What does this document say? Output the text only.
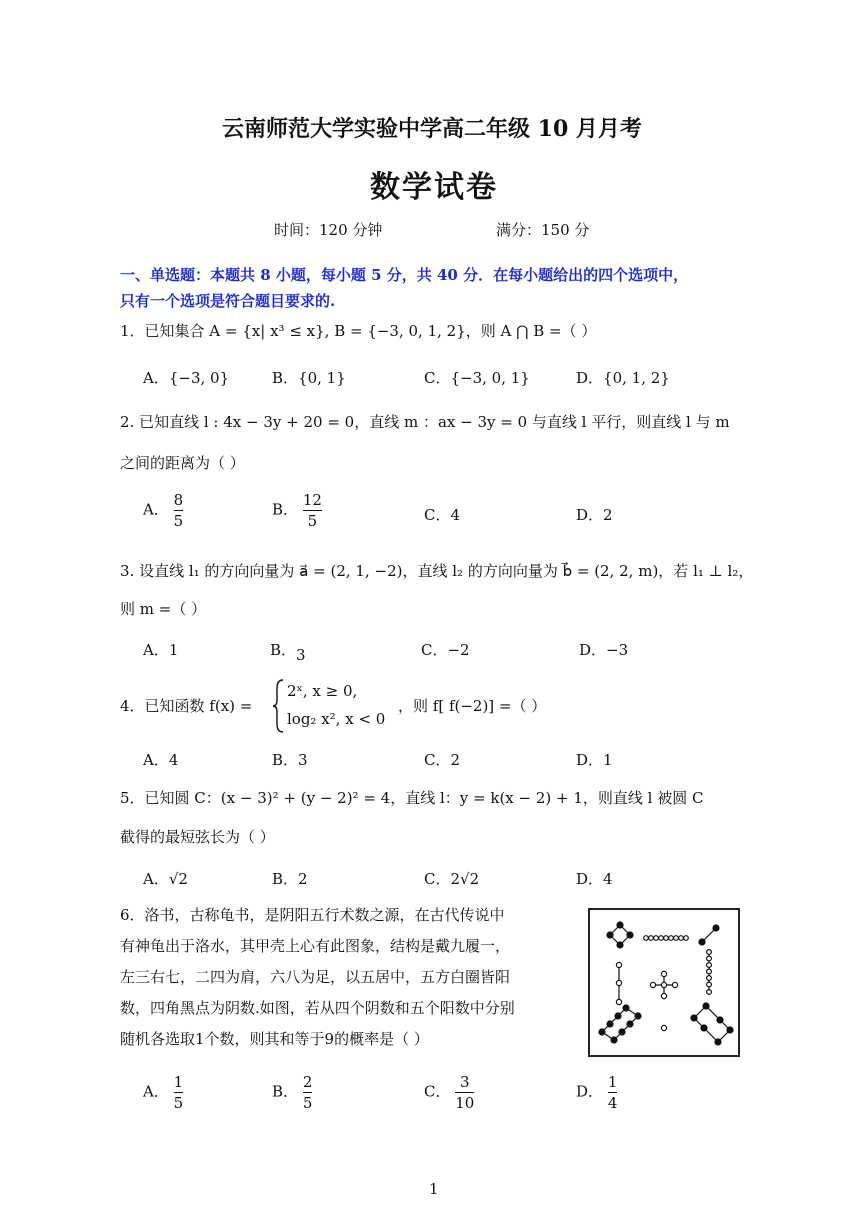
云南师范大学实验中学高二年级 10 月月考
数学试卷
时间：120 分钟	满分：150 分
一、单选题：本题共 8 小题，每小题 5 分，共 40 分．在每小题给出的四个选项中，
只有一个选项是符合题目要求的.
1．已知集合 A = {x| x³ ≤ x}, B = {−3, 0, 1, 2}，则 A ⋂ B =（ ）
A．{−3, 0}	B．{0, 1}	C．{−3, 0, 1}	D．{0, 1, 2}
2. 已知直线 l : 4x − 3y + 20 = 0，直线 m ：ax − 3y = 0 与直线 l 平行，则直线 l 与 m
之间的距离为（ ）
A． $\frac{8}{5}$	B． $\frac{12}{5}$	C．4	D．2
3. 设直线 l₁ 的方向向量为 a⃗ = (2, 1, −2)，直线 l₂ 的方向向量为 b⃗ = (2, 2, m)，若 l₁ ⊥ l₂，
则 m =（ ）
A．1	B．3	C．−2	D．−3
4．已知函数 f(x) =
2ˣ, x ≥ 0,
log₂ x², x < 0
，则 f[ f(−2)] =（ ）
A．4	B．3	C．2	D．1
5．已知圆 C：(x − 3)² + (y − 2)² = 4，直线 l：y = k(x − 2) + 1，则直线 l 被圆 C
截得的最短弦长为（ ）
A．√2	B．2	C．2√2	D．4
6．洛书，古称龟书，是阴阳五行术数之源，在古代传说中
有神龟出于洛水，其甲壳上心有此图象，结构是戴九履一，
左三右七，二四为肩，六八为足，以五居中，五方白圈皆阳
数，四角黑点为阴数.如图，若从四个阴数和五个阳数中分别
随机各选取1个数，则其和等于9的概率是（ ）
A． $\frac{1}{5}$	B． $\frac{2}{5}$	C． $\frac{3}{10}$	D． $\frac{1}{4}$
1
